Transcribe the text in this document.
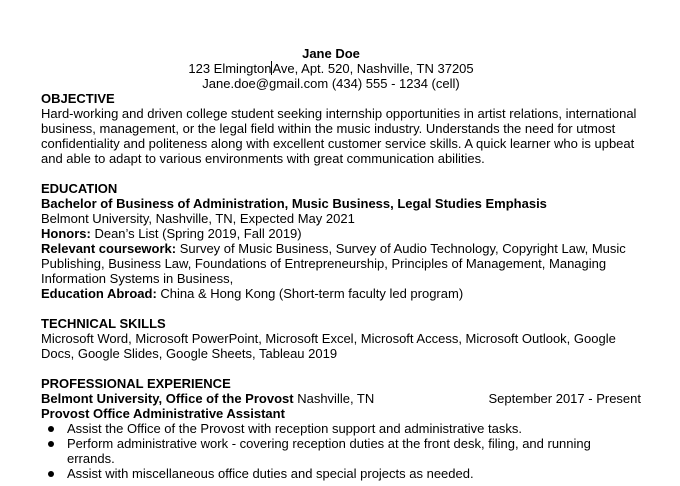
Jane Doe
123 ElmingtonAve, Apt. 520, Nashville, TN 37205
Jane.doe@gmail.com (434) 555 - 1234 (cell)
OBJECTIVE
Hard-working and driven college student seeking internship opportunities in artist relations, international business, management, or the legal field within the music industry. Understands the need for utmost confidentiality and politeness along with excellent customer service skills. A quick learner who is upbeat and able to adapt to various environments with great communication abilities.
EDUCATION
Bachelor of Business of Administration, Music Business, Legal Studies Emphasis
Belmont University, Nashville, TN, Expected May 2021
Honors: Dean’s List (Spring 2019, Fall 2019)
Relevant coursework: Survey of Music Business, Survey of Audio Technology, Copyright Law, Music Publishing, Business Law, Foundations of Entrepreneurship, Principles of Management, Managing Information Systems in Business,
Education Abroad: China & Hong Kong (Short-term faculty led program)
TECHNICAL SKILLS
Microsoft Word, Microsoft PowerPoint, Microsoft Excel, Microsoft Access, Microsoft Outlook, Google Docs, Google Slides, Google Sheets, Tableau 2019
PROFESSIONAL EXPERIENCE
Belmont University, Office of the Provost Nashville, TN	September 2017 - Present
Provost Office Administrative Assistant
Assist the Office of the Provost with reception support and administrative tasks.
Perform administrative work - covering reception duties at the front desk, filing, and running errands.
Assist with miscellaneous office duties and special projects as needed.
